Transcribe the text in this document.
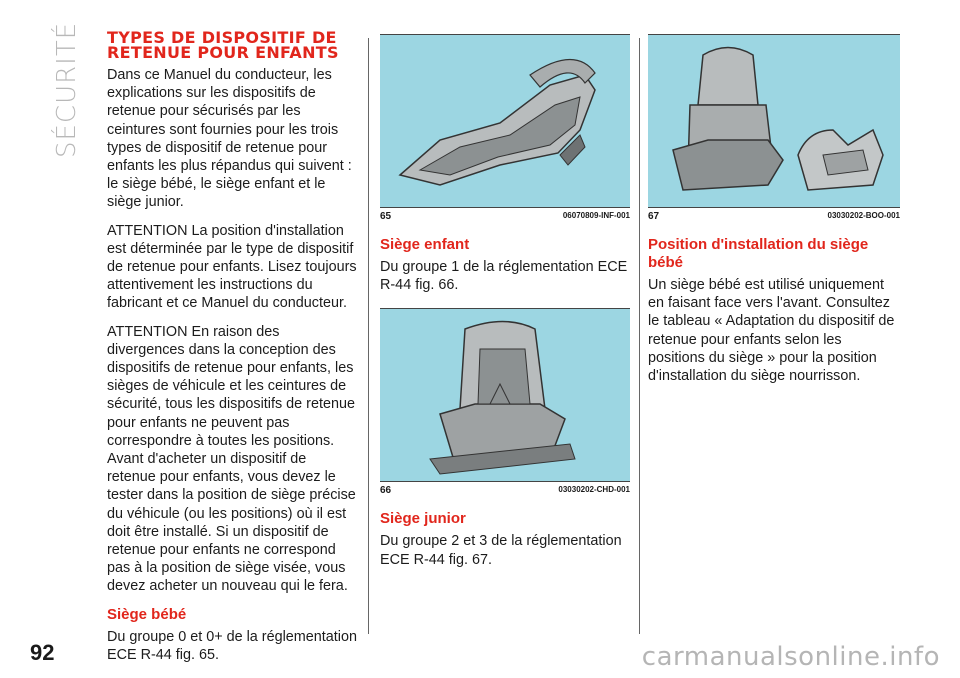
SÉCURITÉ
92
TYPES DE DISPOSITIF DE RETENUE POUR ENFANTS

Dans ce Manuel du conducteur, les explications sur les dispositifs de retenue pour sécurisés par les ceintures sont fournies pour les trois types de dispositif de retenue pour enfants les plus répandus qui suivent : le siège bébé, le siège enfant et le siège junior.

ATTENTION La position d'installation est déterminée par le type de dispositif de retenue pour enfants. Lisez toujours attentivement les instructions du fabricant et ce Manuel du conducteur.

ATTENTION En raison des divergences dans la conception des dispositifs de retenue pour enfants, les sièges de véhicule et les ceintures de sécurité, tous les dispositifs de retenue pour enfants ne peuvent pas correspondre à toutes les positions. Avant d'acheter un dispositif de retenue pour enfants, vous devez le tester dans la position de siège précise du véhicule (ou les positions) où il est doit être installé. Si un dispositif de retenue pour enfants ne correspond pas à la position de siège visée, vous devez acheter un nouveau qui le fera.

Siège bébé

Du groupe 0 et 0+ de la réglementation ECE R-44 fig. 65.

65	06070809-INF-001
Siège enfant

Du groupe 1 de la réglementation ECE R-44 fig. 66.

66	03030202-CHD-001
Siège junior

Du groupe 2 et 3 de la réglementation ECE R-44 fig. 67.

67	03030202-BOO-001
Position d'installation du siège bébé

Un siège bébé est utilisé uniquement en faisant face vers l'avant. Consultez le tableau « Adaptation du dispositif de retenue pour enfants selon les positions du siège » pour la position d'installation du siège nourrisson.

carmanualsonline.info
